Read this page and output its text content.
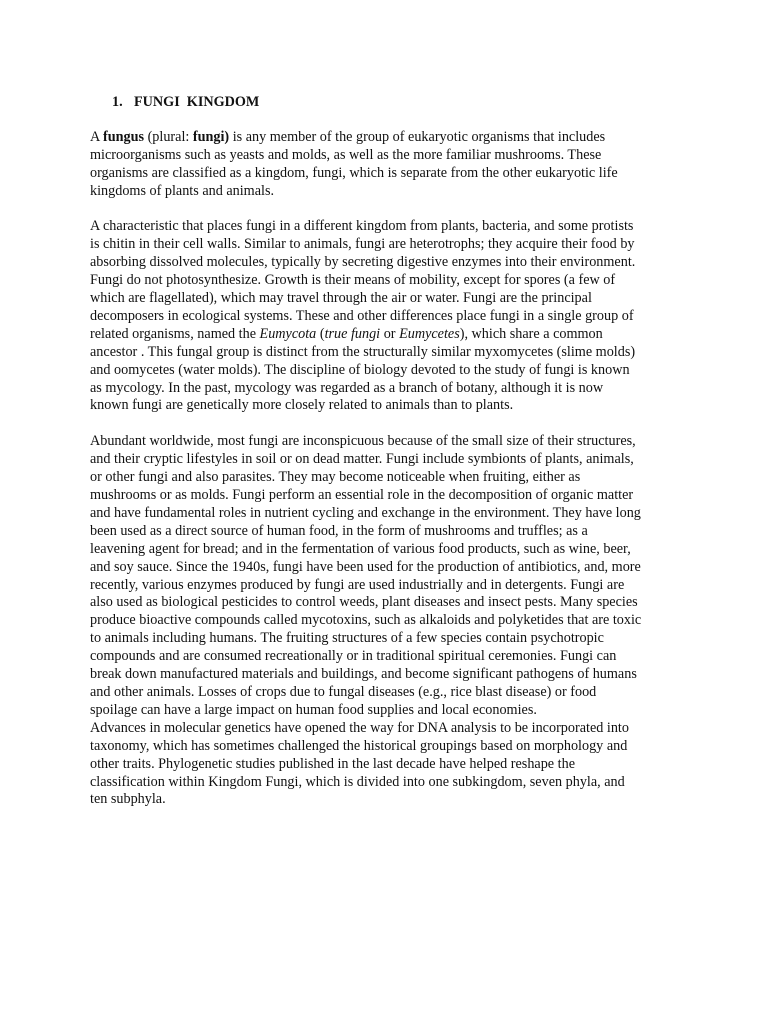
1. FUNGI  KINGDOM

A fungus (plural: fungi) is any member of the group of eukaryotic organisms that includes
microorganisms such as yeasts and molds, as well as the more familiar mushrooms. These
organisms are classified as a kingdom, fungi, which is separate from the other eukaryotic life
kingdoms of plants and animals.

A characteristic that places fungi in a different kingdom from plants, bacteria, and some protists
is chitin in their cell walls. Similar to animals, fungi are heterotrophs; they acquire their food by
absorbing dissolved molecules, typically by secreting digestive enzymes into their environment.
Fungi do not photosynthesize. Growth is their means of mobility, except for spores (a few of
which are flagellated), which may travel through the air or water. Fungi are the principal
decomposers in ecological systems. These and other differences place fungi in a single group of
related organisms, named the Eumycota (true fungi or Eumycetes), which share a common
ancestor . This fungal group is distinct from the structurally similar myxomycetes (slime molds)
and oomycetes (water molds). The discipline of biology devoted to the study of fungi is known
as mycology. In the past, mycology was regarded as a branch of botany, although it is now
known fungi are genetically more closely related to animals than to plants.

Abundant worldwide, most fungi are inconspicuous because of the small size of their structures,
and their cryptic lifestyles in soil or on dead matter. Fungi include symbionts of plants, animals,
or other fungi and also parasites. They may become noticeable when fruiting, either as
mushrooms or as molds. Fungi perform an essential role in the decomposition of organic matter
and have fundamental roles in nutrient cycling and exchange in the environment. They have long
been used as a direct source of human food, in the form of mushrooms and truffles; as a
leavening agent for bread; and in the fermentation of various food products, such as wine, beer,
and soy sauce. Since the 1940s, fungi have been used for the production of antibiotics, and, more
recently, various enzymes produced by fungi are used industrially and in detergents. Fungi are
also used as biological pesticides to control weeds, plant diseases and insect pests. Many species
produce bioactive compounds called mycotoxins, such as alkaloids and polyketides that are toxic
to animals including humans. The fruiting structures of a few species contain psychotropic
compounds and are consumed recreationally or in traditional spiritual ceremonies. Fungi can
break down manufactured materials and buildings, and become significant pathogens of humans
and other animals. Losses of crops due to fungal diseases (e.g., rice blast disease) or food
spoilage can have a large impact on human food supplies and local economies.

Advances in molecular genetics have opened the way for DNA analysis to be incorporated into
taxonomy, which has sometimes challenged the historical groupings based on morphology and
other traits. Phylogenetic studies published in the last decade have helped reshape the
classification within Kingdom Fungi, which is divided into one subkingdom, seven phyla, and
ten subphyla.
